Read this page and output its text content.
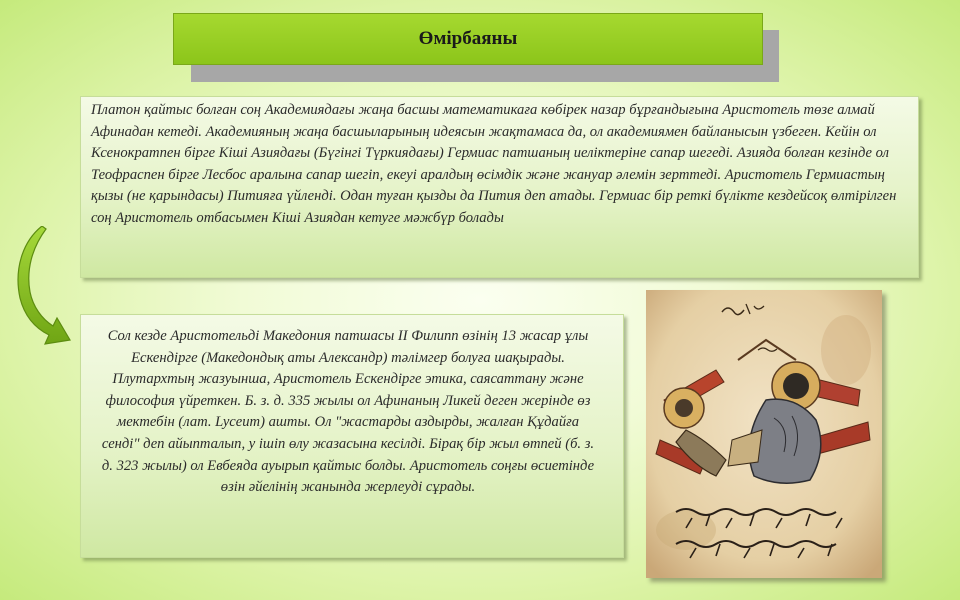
Өмірбаяны
Платон қайтыс болған соң Академиядағы жаңа басшы математикаға көбірек назар бұрғандығына Аристотель төзе алмай Афинадан кетеді. Академияның жаңа басшыларының идеясын жақтамаса да, ол академиямен байланысын үзбеген. Кейін ол Ксенократпен бірге Кіші Азиядағы (Бүгінгі Түркиядағы) Гермиас патшаның иеліктеріне сапар шегеді. Азияда болған кезінде ол Теофраспен бірге Лесбос аралына сапар шегіп, екеуі аралдың өсімдік және жануар әлемін зерттеді. Аристотель Гермиастың қызы (не қарындасы) Питияға үйленді. Одан туған қызды да Пития деп атады. Гермиас бір реткі бүлікте кездейсоқ өлтірілген соң Аристотель отбасымен Кіші Азиядан кетуге мәжбүр болады
Сол кезде Аристотельді Македония патшасы ІІ Филипп өзінің 13 жасар ұлы Ескендірге (Македондық аты Александр) тәлімгер болуға шақырады. Плутархтың жазуынша, Аристотель Ескендірге этика, саясаттану және философия үйреткен. Б. з. д. 335 жылы ол Афинаның Ликей деген жерінде өз мектебін (лат. Lyceum) ашты. Ол "жастарды аздырды, жалған Құдайға сенді" деп айыпталып, у ішіп өлу жазасына кесілді. Бірақ бір жыл өтпей (б. з. д. 323 жылы) ол Евбеяда ауырып қайтыс болды. Аристотель соңғы өсиетінде өзін әйелінің жанында жерлеуді сұрады.
